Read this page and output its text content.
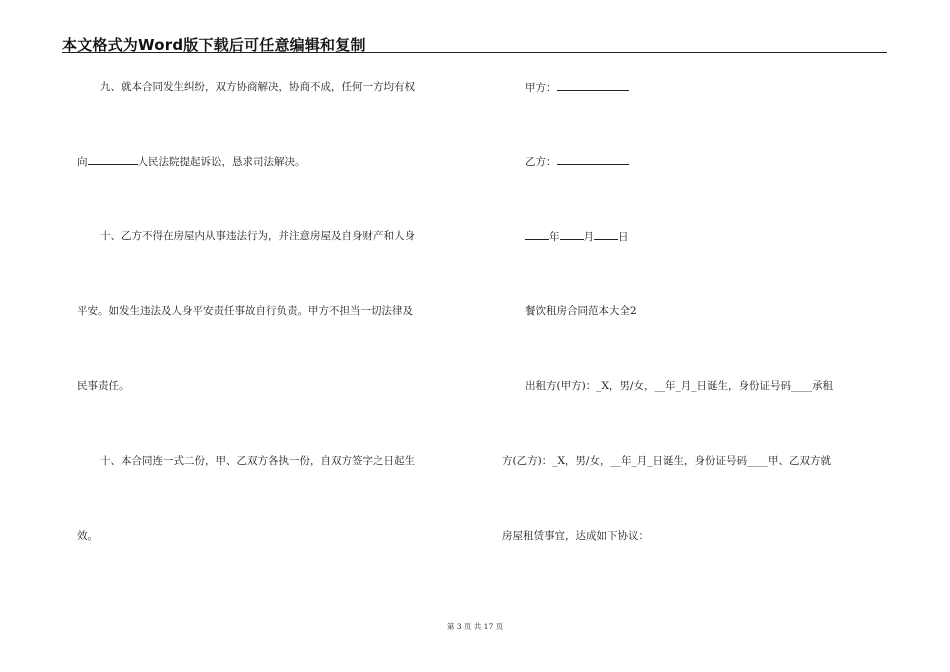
本文格式为Word版下载后可任意编辑和复制
九、就本合同发生纠纷，双方协商解决，协商不成，任何一方均有权
向	人民法院提起诉讼，恳求司法解决。
十、乙方不得在房屋内从事违法行为，并注意房屋及自身财产和人身
平安。如发生违法及人身平安责任事故自行负责。甲方不担当一切法律及
民事责任。
十、本合同连一式二份，甲、乙双方各执一份，自双方签字之日起生
效。
甲方：
乙方：
年 月 日
餐饮租房合同范本大全2
出租方(甲方)：_X，男/女，__年_月_日诞生，身份证号码____承租
方(乙方)：_X，男/女，__年_月_日诞生，身份证号码____甲、乙双方就
房屋租赁事宜，达成如下协议：
第 3 页 共 17 页
